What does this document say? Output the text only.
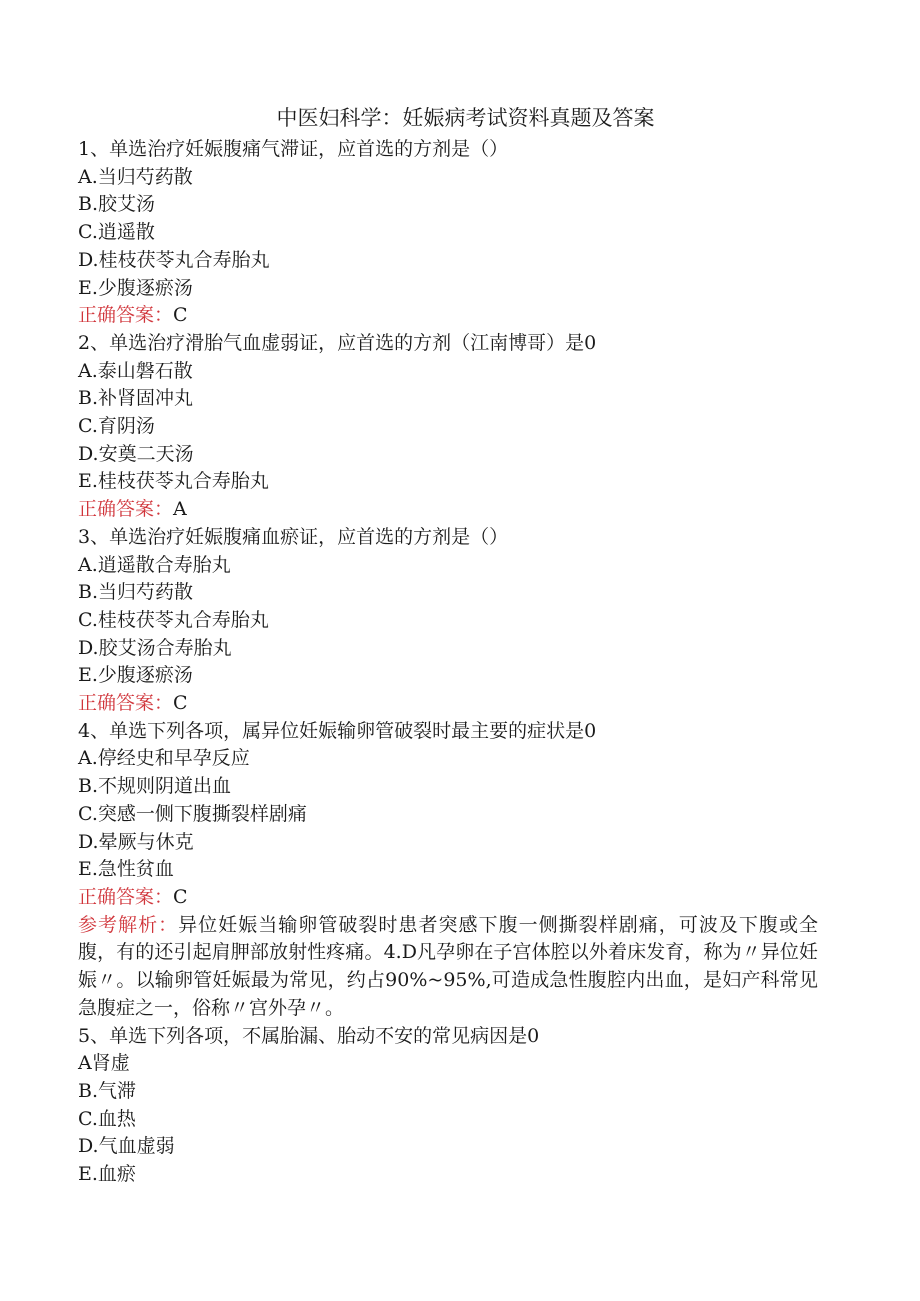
中医妇科学：妊娠病考试资料真题及答案
1、单选治疗妊娠腹痛气滞证，应首选的方剂是（）
A.当归芍药散
B.胶艾汤
C.逍遥散
D.桂枝茯苓丸合寿胎丸
E.少腹逐瘀汤
正确答案：C
2、单选治疗滑胎气血虚弱证，应首选的方剂（江南博哥）是0
A.泰山磐石散
B.补肾固冲丸
C.育阴汤
D.安奠二天汤
E.桂枝茯苓丸合寿胎丸
正确答案：A
3、单选治疗妊娠腹痛血瘀证，应首选的方剂是（）
A.逍遥散合寿胎丸
B.当归芍药散
C.桂枝茯苓丸合寿胎丸
D.胶艾汤合寿胎丸
E.少腹逐瘀汤
正确答案：C
4、单选下列各项，属异位妊娠输卵管破裂时最主要的症状是0
A.停经史和早孕反应
B.不规则阴道出血
C.突感一侧下腹撕裂样剧痛
D.晕厥与休克
E.急性贫血
正确答案：C
参考解析：异位妊娠当输卵管破裂时患者突感下腹一侧撕裂样剧痛，可波及下腹或全腹，有的还引起肩胛部放射性疼痛。4.D凡孕卵在子宫体腔以外着床发育，称为〃异位妊娠〃。以输卵管妊娠最为常见，约占90%~95%,可造成急性腹腔内出血，是妇产科常见急腹症之一，俗称〃宫外孕〃。
5、单选下列各项，不属胎漏、胎动不安的常见病因是0
A肾虚
B.气滞
C.血热
D.气血虚弱
E.血瘀
